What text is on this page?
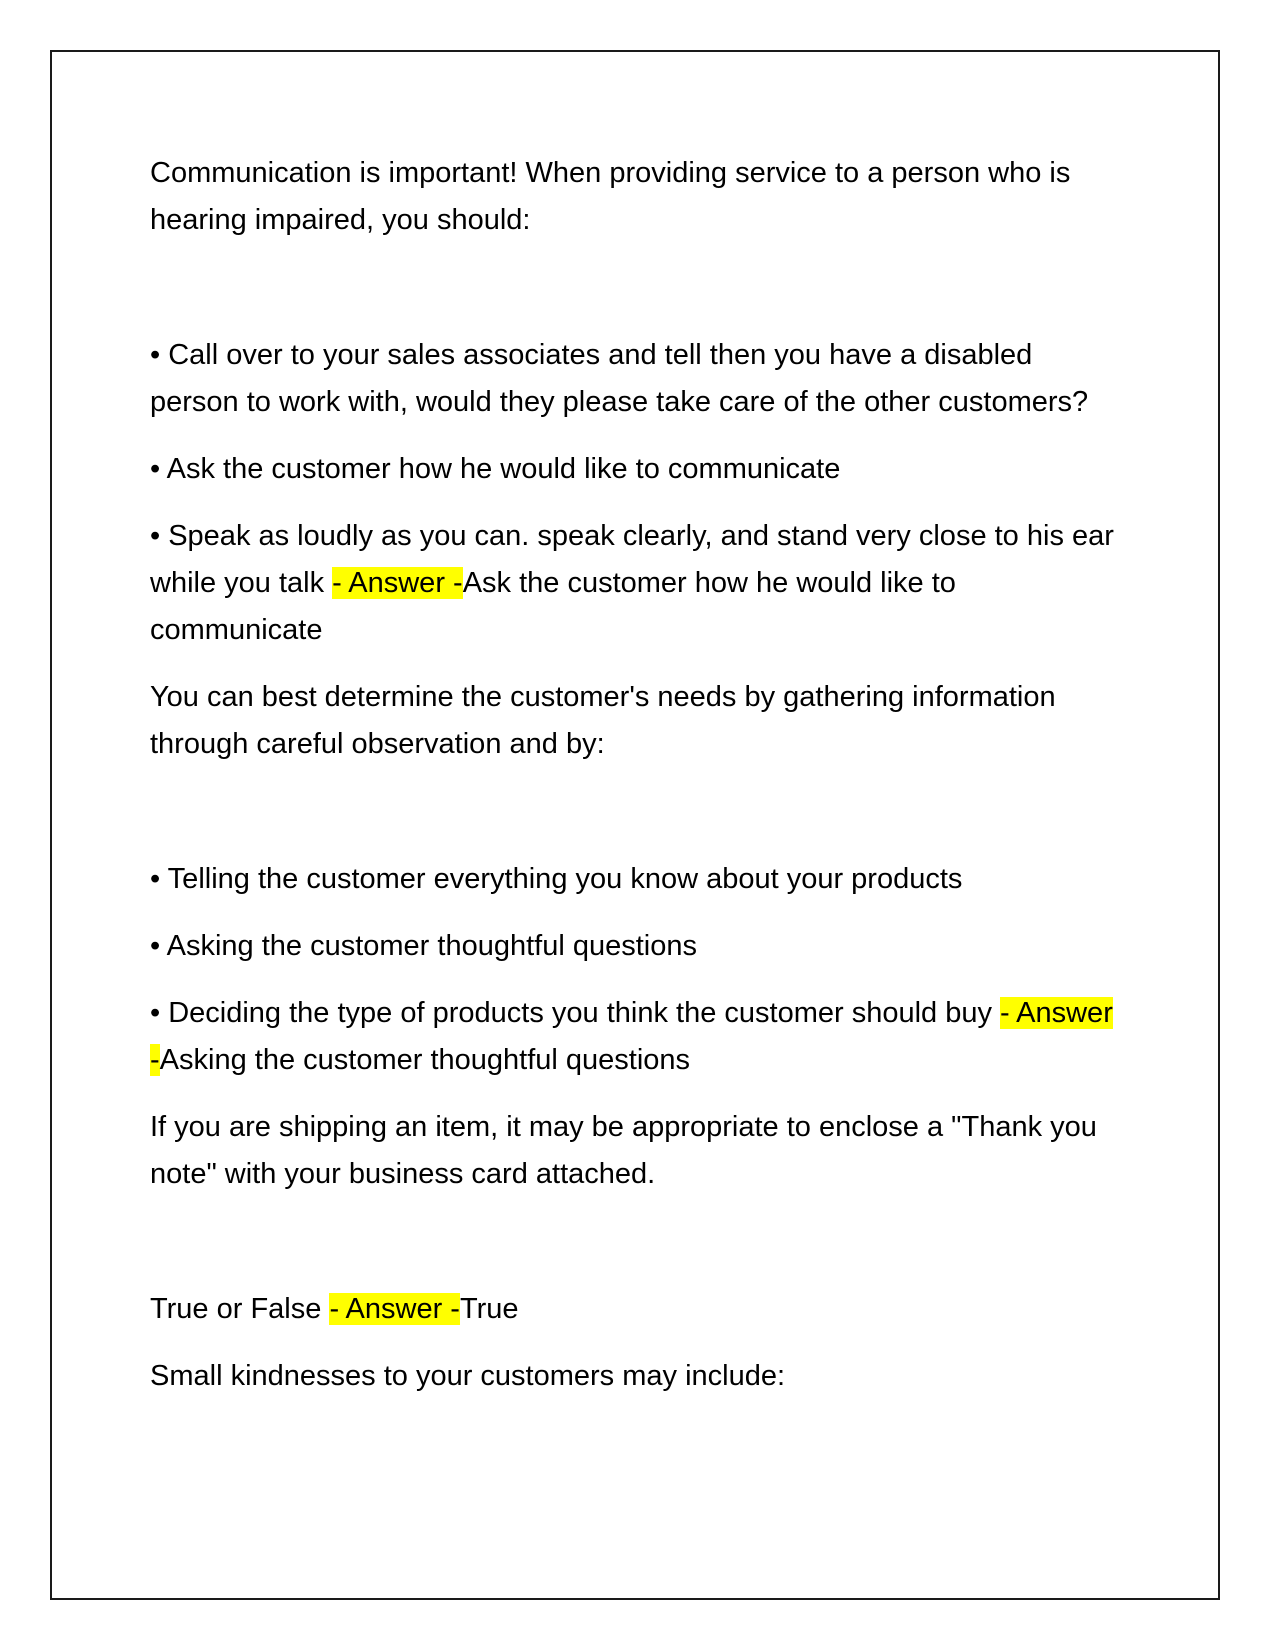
Communication is important! When providing service to a person who is hearing impaired, you should:

• Call over to your sales associates and tell then you have a disabled person to work with, would they please take care of the other customers?

• Ask the customer how he would like to communicate

• Speak as loudly as you can. speak clearly, and stand very close to his ear while you talk - Answer -Ask the customer how he would like to communicate

You can best determine the customer's needs by gathering information through careful observation and by:

• Telling the customer everything you know about your products

• Asking the customer thoughtful questions

• Deciding the type of products you think the customer should buy - Answer -Asking the customer thoughtful questions

If you are shipping an item, it may be appropriate to enclose a "Thank you note" with your business card attached.

True or False - Answer -True

Small kindnesses to your customers may include:
